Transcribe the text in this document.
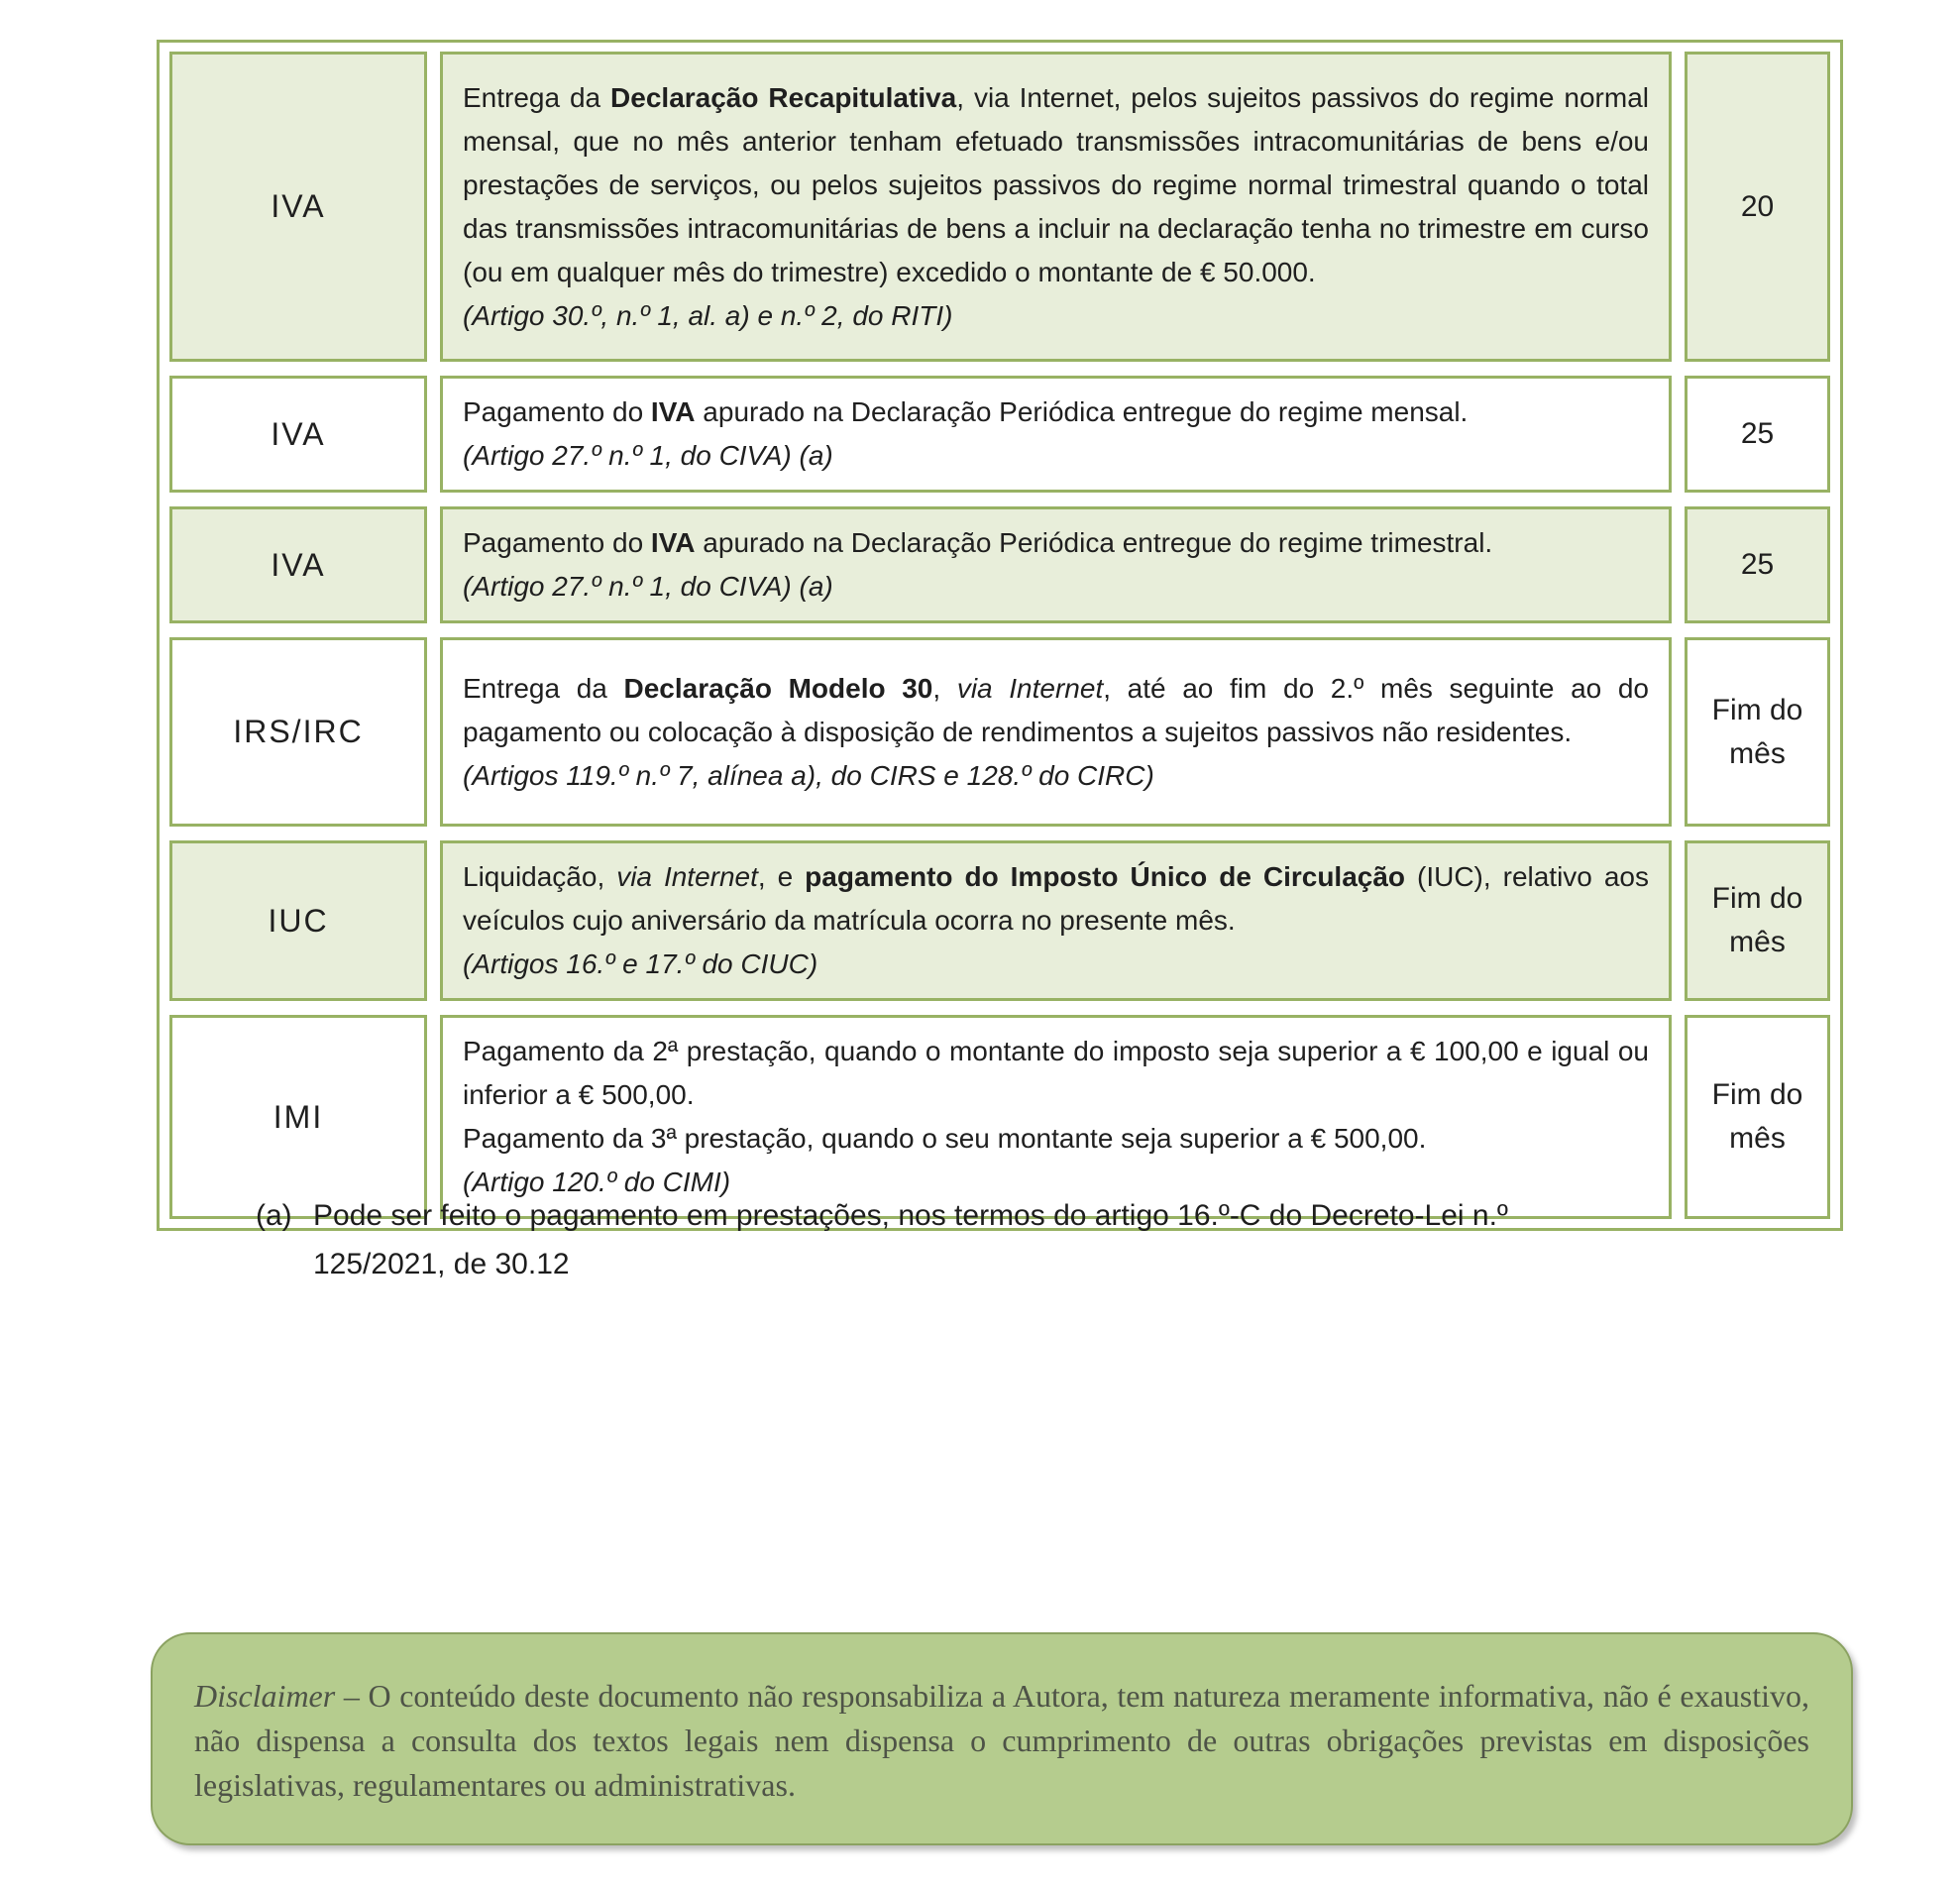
IVA

Entrega da Declaração Recapitulativa, via Internet, pelos sujeitos passivos do regime normal mensal, que no mês anterior tenham efetuado transmissões intracomunitárias de bens e/ou prestações de serviços, ou pelos sujeitos passivos do regime normal trimestral quando o total das transmissões intracomunitárias de bens a incluir na declaração tenha no trimestre em curso (ou em qualquer mês do trimestre) excedido o montante de € 50.000.

(Artigo 30.º, n.º 1, al. a) e n.º 2, do RITI)

20
IVA

Pagamento do IVA apurado na Declaração Periódica entregue do regime mensal.

(Artigo 27.º n.º 1, do CIVA) (a)

25
IVA

Pagamento do IVA apurado na Declaração Periódica entregue do regime trimestral.

(Artigo 27.º n.º 1, do CIVA) (a)

25
IRS/IRC

Entrega da Declaração Modelo 30, via Internet, até ao fim do 2.º mês seguinte ao do pagamento ou colocação à disposição de rendimentos a sujeitos passivos não residentes.

(Artigos 119.º n.º 7, alínea a), do CIRS e 128.º do CIRC)

Fim do mês
IUC

Liquidação, via Internet, e pagamento do Imposto Único de Circulação (IUC), relativo aos veículos cujo aniversário da matrícula ocorra no presente mês.

(Artigos 16.º e 17.º do CIUC)

Fim do mês
IMI

Pagamento da 2ª prestação, quando o montante do imposto seja superior a € 100,00 e igual ou inferior a € 500,00.

Pagamento da 3ª prestação, quando o seu montante seja superior a € 500,00.

(Artigo 120.º do CIMI)

Fim do mês
(a) Pode ser feito o pagamento em prestações, nos termos do artigo 16.º-C do Decreto-Lei n.º
125/2021, de 30.12

Disclaimer – O conteúdo deste documento não responsabiliza a Autora, tem natureza meramente informativa, não é exaustivo, não dispensa a consulta dos textos legais nem dispensa o cumprimento de outras obrigações previstas em disposições legislativas, regulamentares ou administrativas.
